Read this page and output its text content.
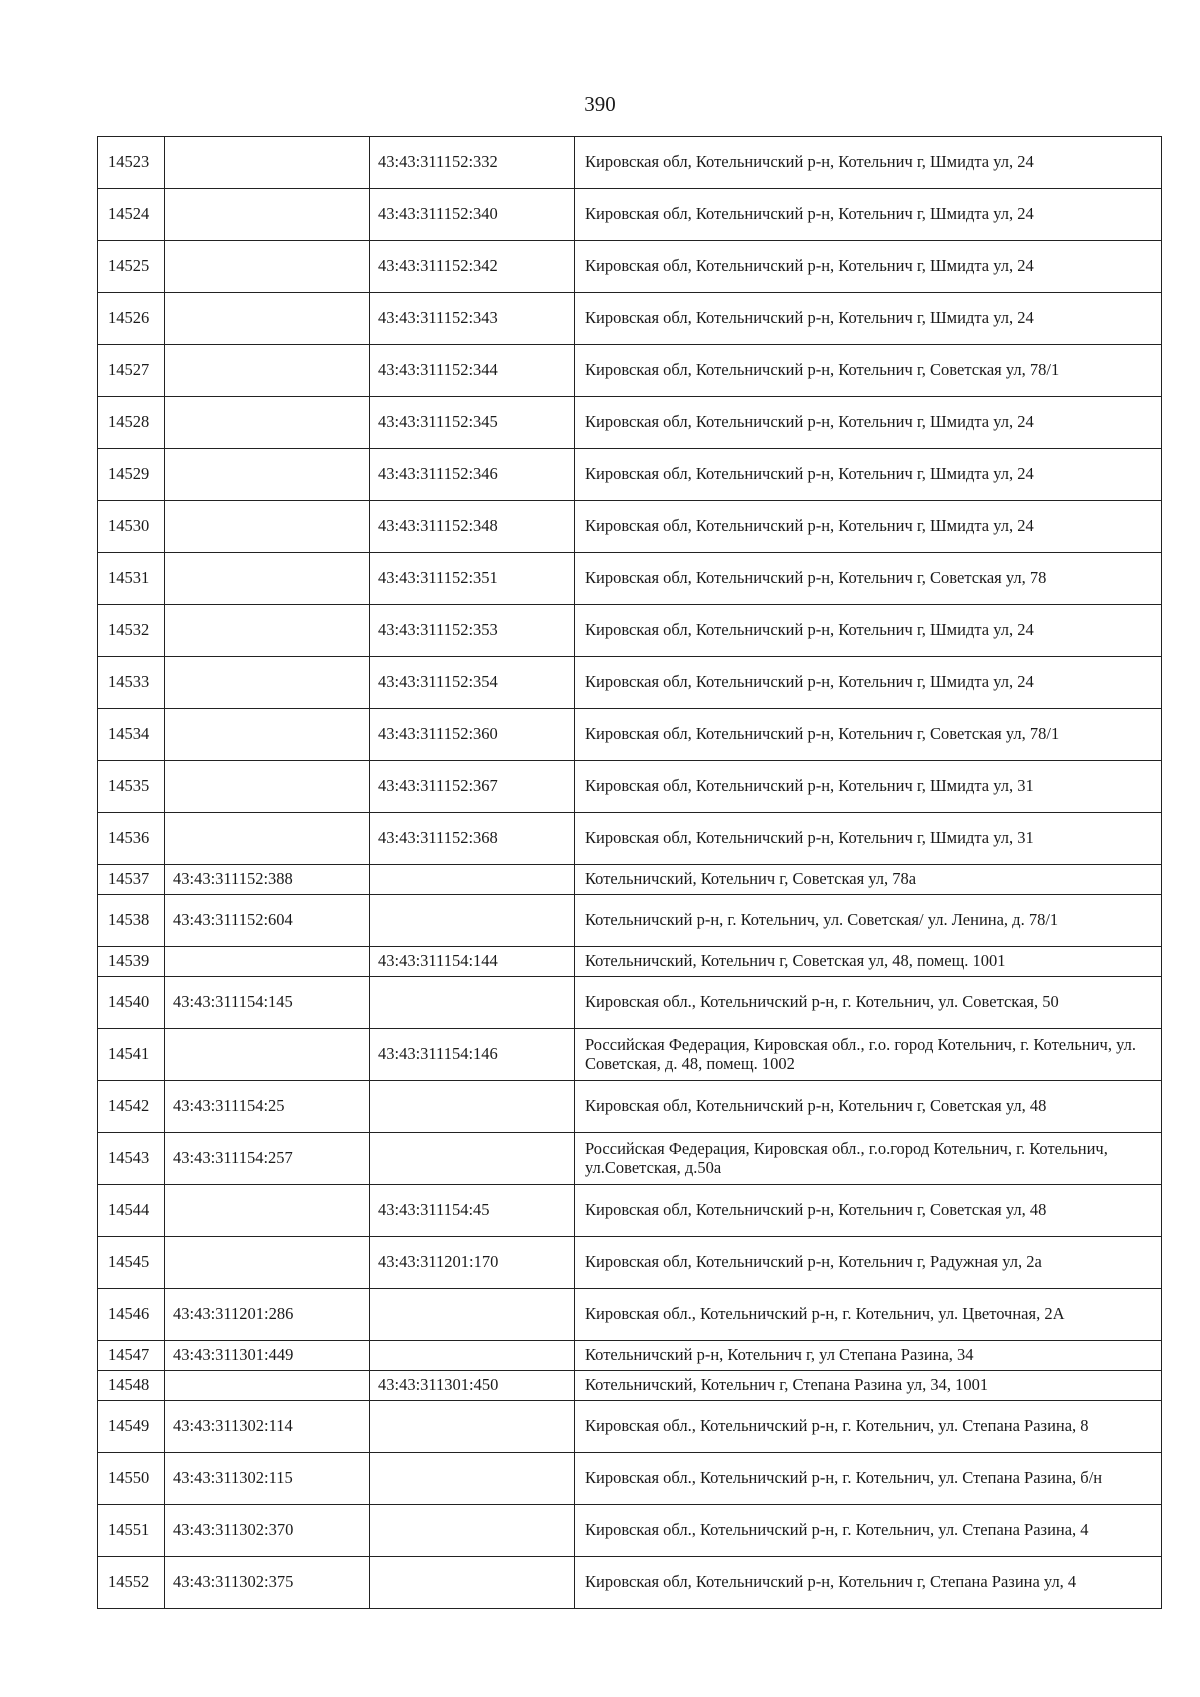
390
14523		43:43:311152:332	Кировская обл, Котельничский р-н, Котельнич г, Шмидта ул, 24
14524		43:43:311152:340	Кировская обл, Котельничский р-н, Котельнич г, Шмидта ул, 24
14525		43:43:311152:342	Кировская обл, Котельничский р-н, Котельнич г, Шмидта ул, 24
14526		43:43:311152:343	Кировская обл, Котельничский р-н, Котельнич г, Шмидта ул, 24
14527		43:43:311152:344	Кировская обл, Котельничский р-н, Котельнич г, Советская ул, 78/1
14528		43:43:311152:345	Кировская обл, Котельничский р-н, Котельнич г, Шмидта ул, 24
14529		43:43:311152:346	Кировская обл, Котельничский р-н, Котельнич г, Шмидта ул, 24
14530		43:43:311152:348	Кировская обл, Котельничский р-н, Котельнич г, Шмидта ул, 24
14531		43:43:311152:351	Кировская обл, Котельничский р-н, Котельнич г, Советская ул, 78
14532		43:43:311152:353	Кировская обл, Котельничский р-н, Котельнич г, Шмидта ул, 24
14533		43:43:311152:354	Кировская обл, Котельничский р-н, Котельнич г, Шмидта ул, 24
14534		43:43:311152:360	Кировская обл, Котельничский р-н, Котельнич г, Советская ул, 78/1
14535		43:43:311152:367	Кировская обл, Котельничский р-н, Котельнич г, Шмидта ул, 31
14536		43:43:311152:368	Кировская обл, Котельничский р-н, Котельнич г, Шмидта ул, 31
14537	43:43:311152:388		Котельничский, Котельнич г, Советская ул, 78а
14538	43:43:311152:604		Котельничский р-н, г. Котельнич, ул. Советская/ ул. Ленина, д. 78/1
14539		43:43:311154:144	Котельничский, Котельнич г, Советская ул, 48, помещ. 1001
14540	43:43:311154:145		Кировская обл., Котельничский р-н, г. Котельнич, ул. Советская, 50
14541		43:43:311154:146	Российская Федерация, Кировская обл., г.о. город Котельнич, г. Котельнич, ул. Советская, д. 48, помещ. 1002
14542	43:43:311154:25		Кировская обл, Котельничский р-н, Котельнич г, Советская ул, 48
14543	43:43:311154:257		Российская Федерация, Кировская обл., г.о.город Котельнич, г. Котельнич, ул.Советская, д.50а
14544		43:43:311154:45	Кировская обл, Котельничский р-н, Котельнич г, Советская ул, 48
14545		43:43:311201:170	Кировская обл, Котельничский р-н, Котельнич г, Радужная ул, 2а
14546	43:43:311201:286		Кировская обл., Котельничский р-н, г. Котельнич, ул. Цветочная, 2А
14547	43:43:311301:449		Котельничский р-н, Котельнич г, ул Степана Разина, 34
14548		43:43:311301:450	Котельничский, Котельнич г, Степана Разина ул, 34, 1001
14549	43:43:311302:114		Кировская обл., Котельничский р-н, г. Котельнич, ул. Степана Разина, 8
14550	43:43:311302:115		Кировская обл., Котельничский р-н, г. Котельнич, ул. Степана Разина, б/н
14551	43:43:311302:370		Кировская обл., Котельничский р-н, г. Котельнич, ул. Степана Разина, 4
14552	43:43:311302:375		Кировская обл, Котельничский р-н, Котельнич г, Степана Разина ул, 4
